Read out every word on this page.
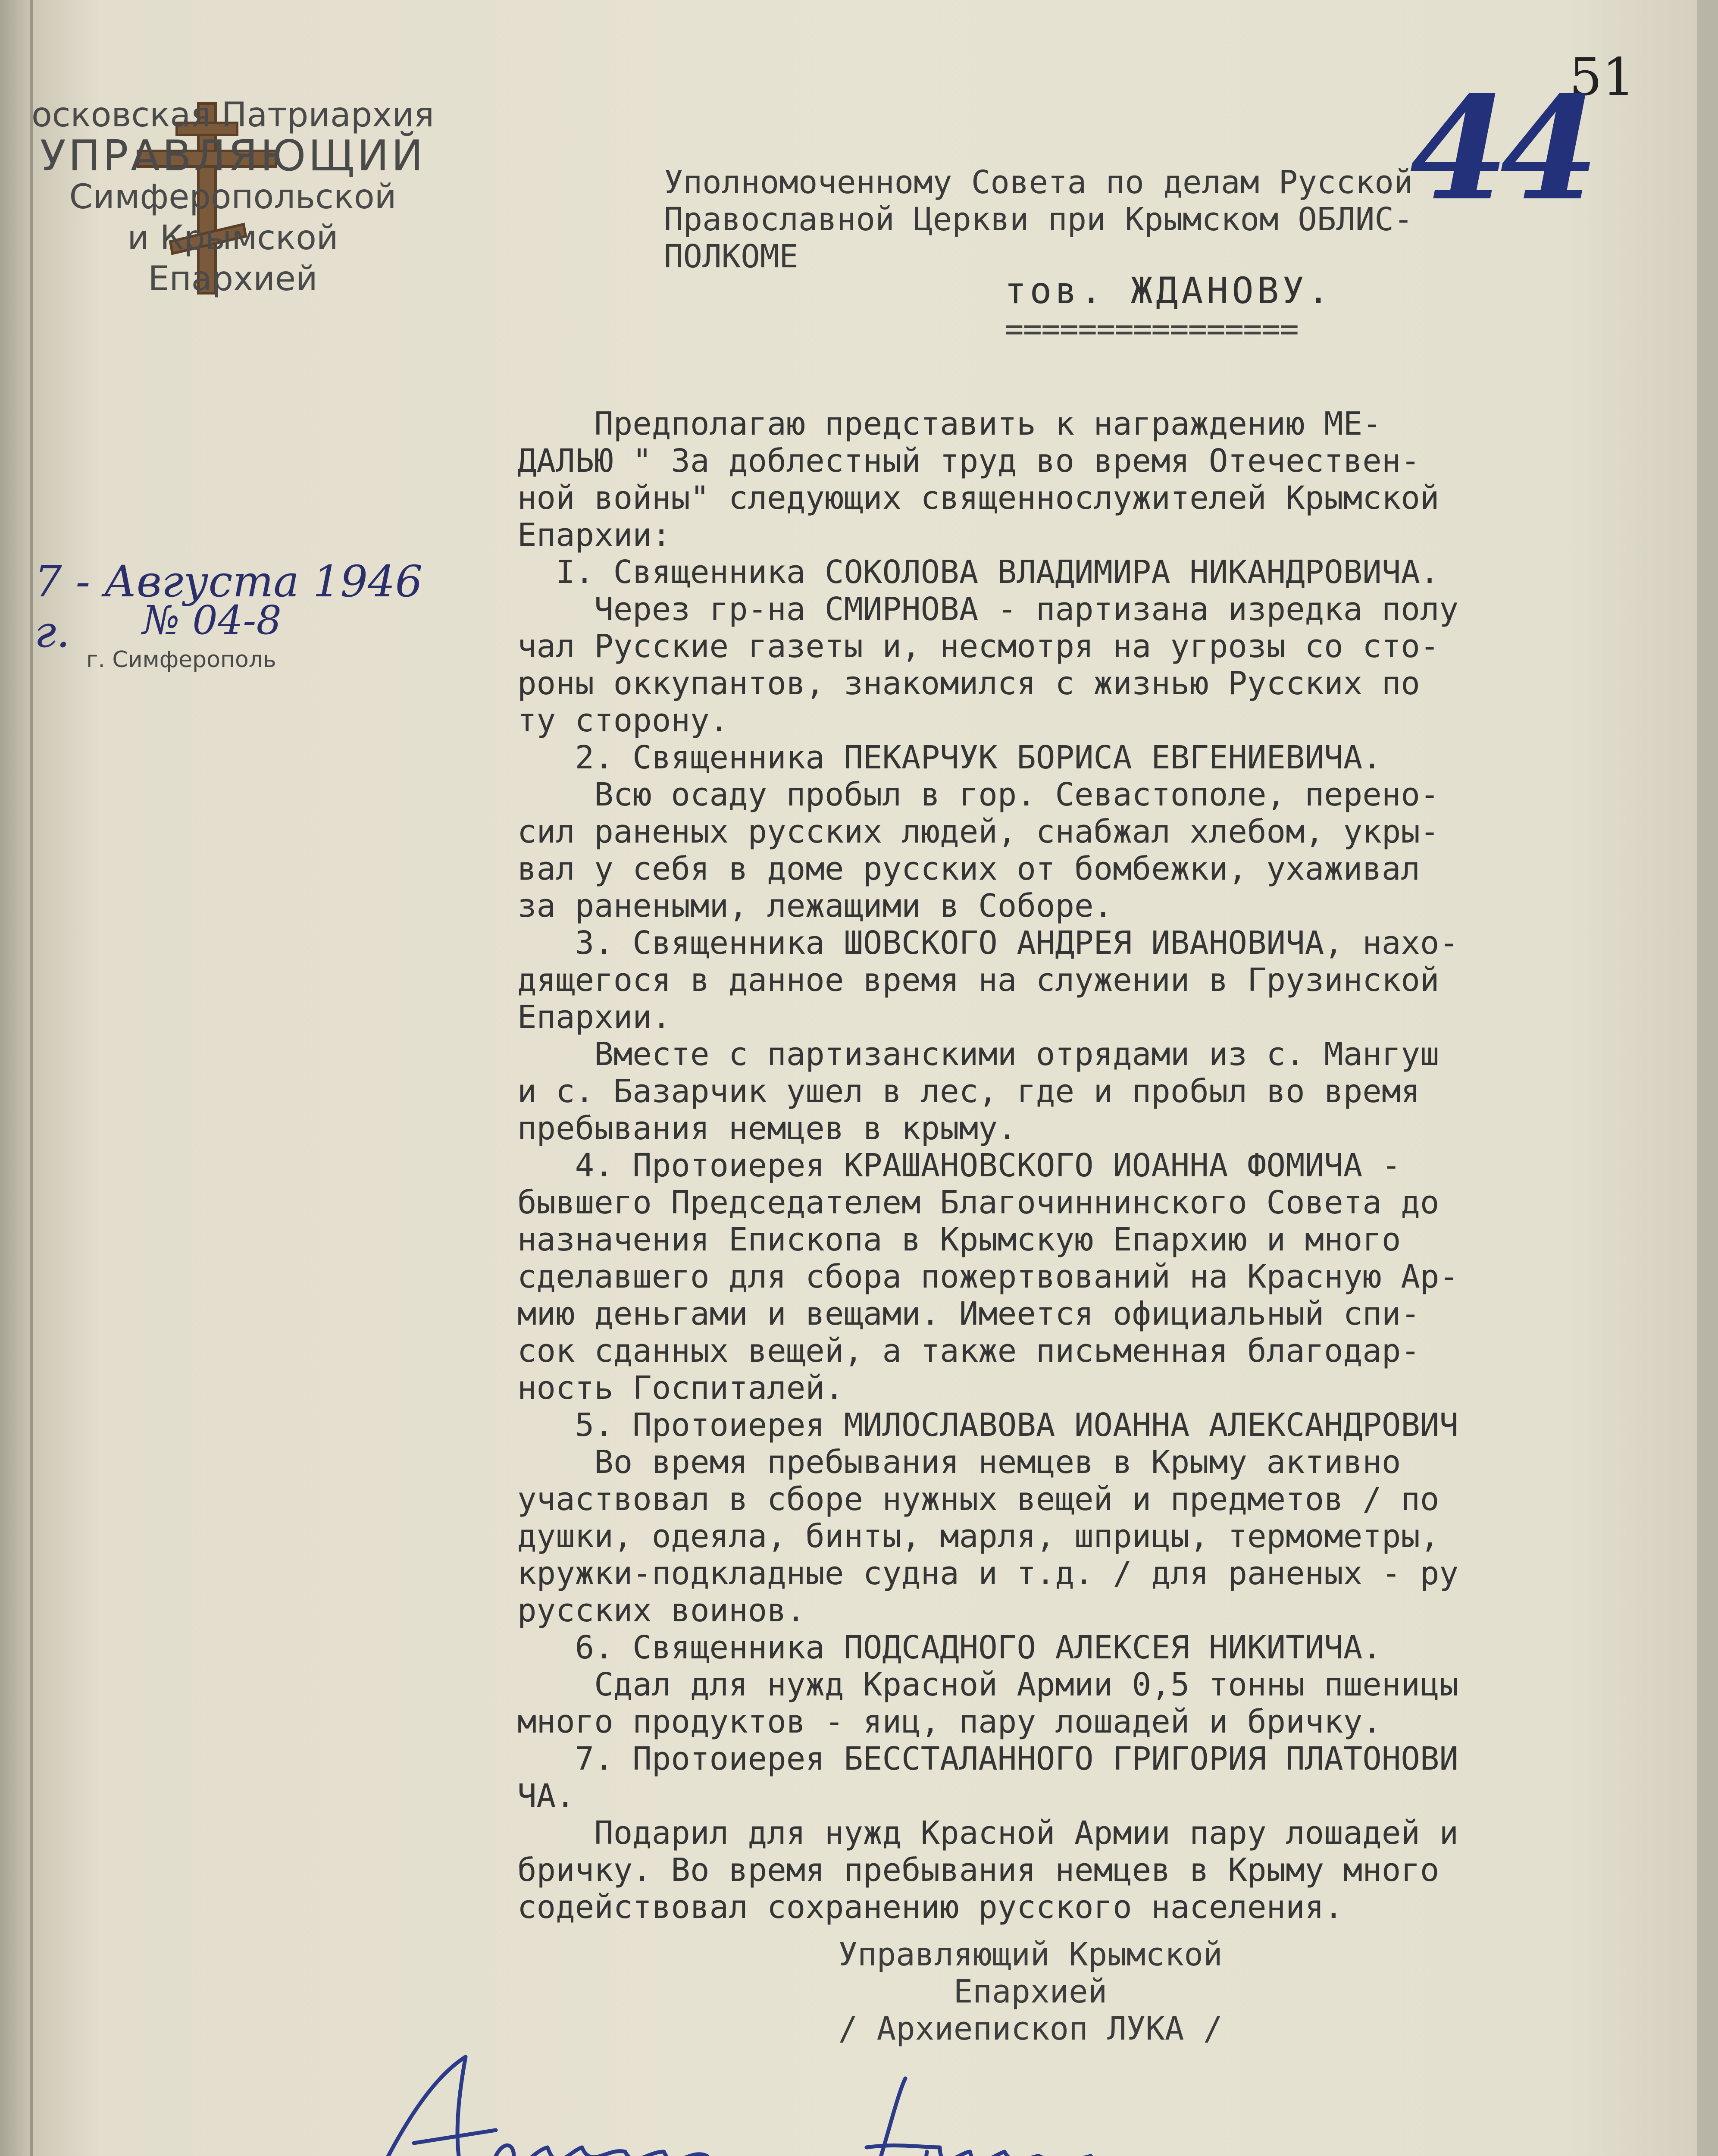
51
44
осковская Патриархия
УПРАВЛЯЮЩИЙ
Симферопольской
и Крымской
Епархией
7 - Августа 1946 г.	№ 04-8
г. Симферополь
Уполномоченному Совета по делам Русской
Православной Церкви при Крымском ОБЛИС-
ПОЛКОМЕ
тов. ЖДАНОВУ.
================
Предполагаю представить к награждению МЕ-
ДАЛЬЮ " За доблестный труд во время Отечествен-
ной войны" следующих священнослужителей Крымской
Епархии:
I. Священника СОКОЛОВА ВЛАДИМИРА НИКАНДРОВИЧА.
Через гр-на СМИРНОВА - партизана изредка полу
чал Русские газеты и, несмотря на угрозы со сто-
роны оккупантов, знакомился с жизнью Русских по
ту сторону.
2. Священника ПЕКАРЧУК БОРИСА ЕВГЕНИЕВИЧА.
Всю осаду пробыл в гор. Севастополе, перено-
сил раненых русских людей, снабжал хлебом, укры-
вал у себя в доме русских от бомбежки, ухаживал
за ранеными, лежащими в Соборе.
3. Священника ШОВСКОГО АНДРЕЯ ИВАНОВИЧА, нахо-
дящегося в данное время на служении в Грузинской
Епархии.
Вместе с партизанскими отрядами из с. Мангуш
и с. Базарчик ушел в лес, где и пробыл во время
пребывания немцев в крыму.
4. Протоиерея КРАШАНОВСКОГО ИОАННА ФОМИЧА -
бывшего Председателем Благочиннинского Совета до
назначения Епископа в Крымскую Епархию и много
сделавшего для сбора пожертвований на Красную Ар-
мию деньгами и вещами. Имеется официальный спи-
сок сданных вещей, а также письменная благодар-
ность Госпиталей.
5. Протоиерея МИЛОСЛАВОВА ИОАННА АЛЕКСАНДРОВИЧ
Во время пребывания немцев в Крыму активно
участвовал в сборе нужных вещей и предметов / по
душки, одеяла, бинты, марля, шприцы, термометры,
кружки-подкладные судна и т.д. / для раненых - ру
русских воинов.
6. Священника ПОДСАДНОГО АЛЕКСЕЯ НИКИТИЧА.
Сдал для нужд Красной Армии 0,5 тонны пшеницы
много продуктов - яиц, пару лошадей и бричку.
7. Протоиерея БЕССТАЛАННОГО ГРИГОРИЯ ПЛАТОНОВИ
ЧА.
Подарил для нужд Красной Армии пару лошадей и
бричку. Во время пребывания немцев в Крыму много
содействовал сохранению русского населения.
Управляющий Крымской
Епархией
/ Архиепископ ЛУКА /
